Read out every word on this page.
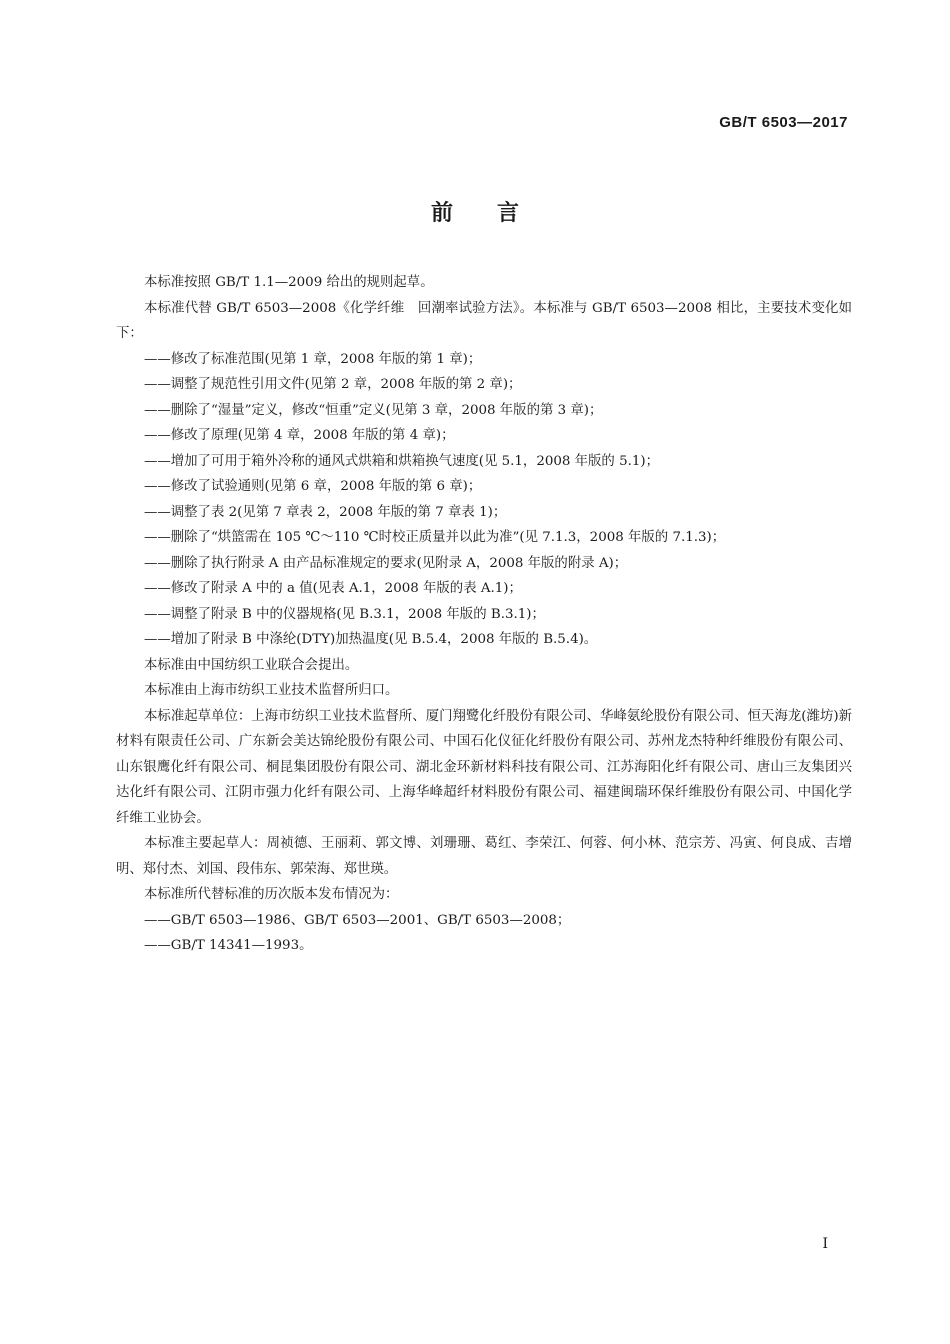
GB/T 6503—2017
前 言

本标准按照 GB/T 1.1—2009 给出的规则起草。

本标准代替 GB/T 6503—2008《化学纤维　回潮率试验方法》。本标准与 GB/T 6503—2008 相比，主要技术变化如下：

——修改了标准范围(见第 1 章，2008 年版的第 1 章)；

——调整了规范性引用文件(见第 2 章，2008 年版的第 2 章)；

——删除了“湿量”定义，修改“恒重”定义(见第 3 章，2008 年版的第 3 章)；

——修改了原理(见第 4 章，2008 年版的第 4 章)；

——增加了可用于箱外冷称的通风式烘箱和烘箱换气速度(见 5.1，2008 年版的 5.1)；

——修改了试验通则(见第 6 章，2008 年版的第 6 章)；

——调整了表 2(见第 7 章表 2，2008 年版的第 7 章表 1)；

——删除了“烘篮需在 105 ℃～110 ℃时校正质量并以此为准”(见 7.1.3，2008 年版的 7.1.3)；

——删除了执行附录 A 由产品标准规定的要求(见附录 A，2008 年版的附录 A)；

——修改了附录 A 中的 a 值(见表 A.1，2008 年版的表 A.1)；

——调整了附录 B 中的仪器规格(见 B.3.1，2008 年版的 B.3.1)；

——增加了附录 B 中涤纶(DTY)加热温度(见 B.5.4，2008 年版的 B.5.4)。

本标准由中国纺织工业联合会提出。

本标准由上海市纺织工业技术监督所归口。

本标准起草单位：上海市纺织工业技术监督所、厦门翔鹭化纤股份有限公司、华峰氨纶股份有限公司、恒天海龙(潍坊)新材料有限责任公司、广东新会美达锦纶股份有限公司、中国石化仪征化纤股份有限公司、苏州龙杰特种纤维股份有限公司、山东银鹰化纤有限公司、桐昆集团股份有限公司、湖北金环新材料科技有限公司、江苏海阳化纤有限公司、唐山三友集团兴达化纤有限公司、江阴市强力化纤有限公司、上海华峰超纤材料股份有限公司、福建闽瑞环保纤维股份有限公司、中国化学纤维工业协会。

本标准主要起草人：周祯德、王丽莉、郭文博、刘珊珊、葛红、李荣江、何蓉、何小林、范宗芳、冯寅、何良成、吉增明、郑付杰、刘国、段伟东、郭荣海、郑世瑛。

本标准所代替标准的历次版本发布情况为：

——GB/T 6503—1986、GB/T 6503—2001、GB/T 6503—2008；

——GB/T 14341—1993。

I
